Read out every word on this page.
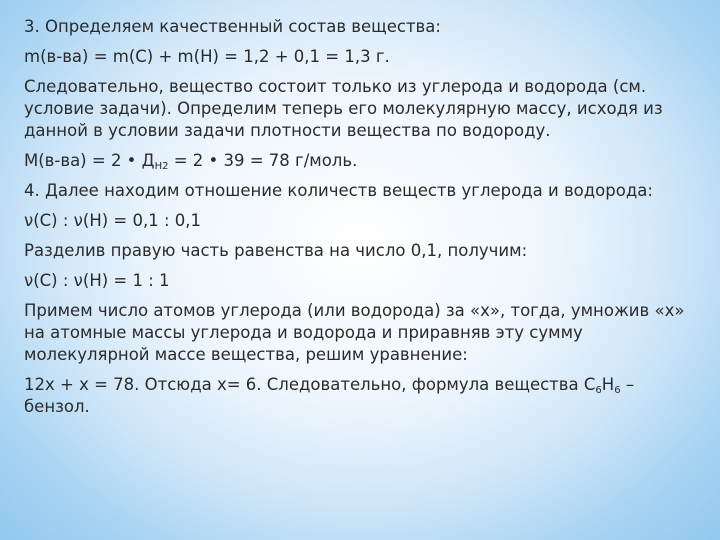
3. Определяем качественный состав вещества:

m(в-ва) = m(C) + m(H) = 1,2 + 0,1 = 1,3 г.

Следовательно, вещество состоит только из углерода и водорода (см. условие задачи). Определим теперь его молекулярную массу, исходя из данной в условии задачи плотности вещества по водороду.

M(в-ва) = 2 • $Д_{H2} = 2$ • 39 = 78 г/моль.

4. Далее находим отношение количеств веществ углерода и водорода:

ν(C) : ν(H) = 0,1 : 0,1

Разделив правую часть равенства на число 0,1, получим:

ν(C) : ν(H) = 1 : 1

Примем число атомов углерода (или водорода) за «х», тогда, умножив «х» на атомные массы углерода и водорода и приравняв эту сумму молекулярной массе вещества, решим уравнение:

12х + х = 78. Отсюда х= 6. Следовательно, формула вещества $С_6Н_6$ – бензол.
